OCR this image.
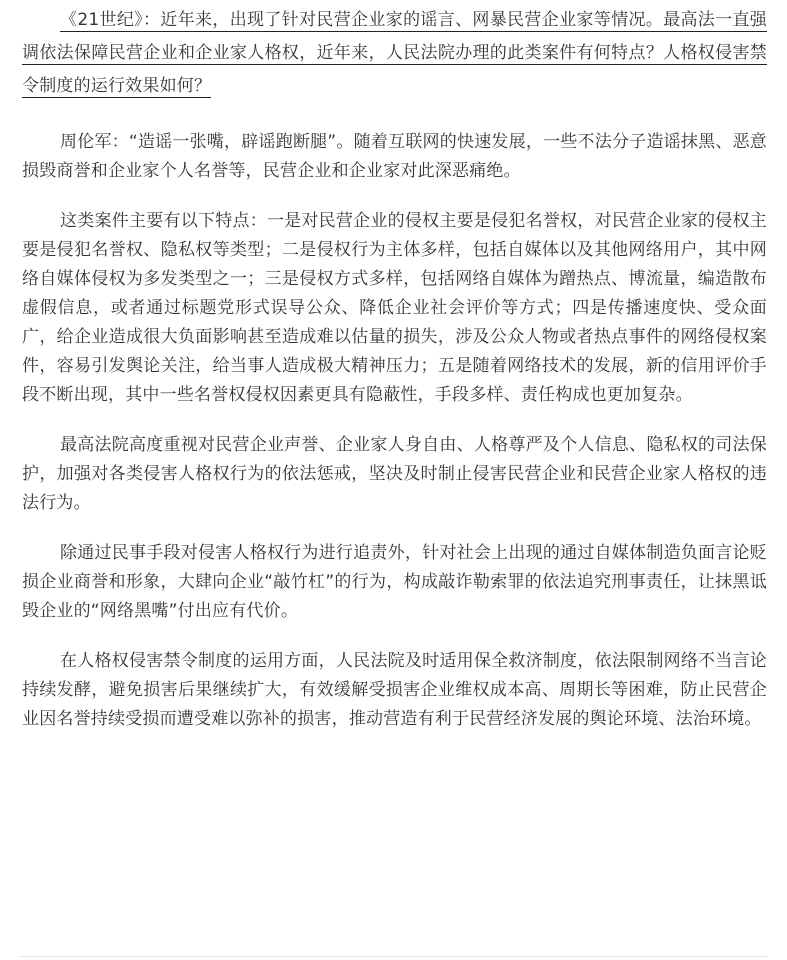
《21世纪》：近年来，出现了针对民营企业家的谣言、网暴民营企业家等情况。最高法一直强调依法保障民营企业和企业家人格权，近年来，人民法院办理的此类案件有何特点？人格权侵害禁令制度的运行效果如何？

周伦军：“造谣一张嘴，辟谣跑断腿”。随着互联网的快速发展，一些不法分子造谣抹黑、恶意损毁商誉和企业家个人名誉等，民营企业和企业家对此深恶痛绝。

这类案件主要有以下特点：一是对民营企业的侵权主要是侵犯名誉权，对民营企业家的侵权主要是侵犯名誉权、隐私权等类型；二是侵权行为主体多样，包括自媒体以及其他网络用户，其中网络自媒体侵权为多发类型之一；三是侵权方式多样，包括网络自媒体为蹭热点、博流量，编造散布虚假信息，或者通过标题党形式误导公众、降低企业社会评价等方式；四是传播速度快、受众面广，给企业造成很大负面影响甚至造成难以估量的损失，涉及公众人物或者热点事件的网络侵权案件，容易引发舆论关注，给当事人造成极大精神压力；五是随着网络技术的发展，新的信用评价手段不断出现，其中一些名誉权侵权因素更具有隐蔽性，手段多样、责任构成也更加复杂。

最高法院高度重视对民营企业声誉、企业家人身自由、人格尊严及个人信息、隐私权的司法保护，加强对各类侵害人格权行为的依法惩戒，坚决及时制止侵害民营企业和民营企业家人格权的违法行为。

除通过民事手段对侵害人格权行为进行追责外，针对社会上出现的通过自媒体制造负面言论贬损企业商誉和形象，大肆向企业“敲竹杠”的行为，构成敲诈勒索罪的依法追究刑事责任，让抹黑诋毁企业的“网络黑嘴”付出应有代价。

在人格权侵害禁令制度的运用方面，人民法院及时适用保全救济制度，依法限制网络不当言论持续发酵，避免损害后果继续扩大，有效缓解受损害企业维权成本高、周期长等困难，防止民营企业因名誉持续受损而遭受难以弥补的损害，推动营造有利于民营经济发展的舆论环境、法治环境。
